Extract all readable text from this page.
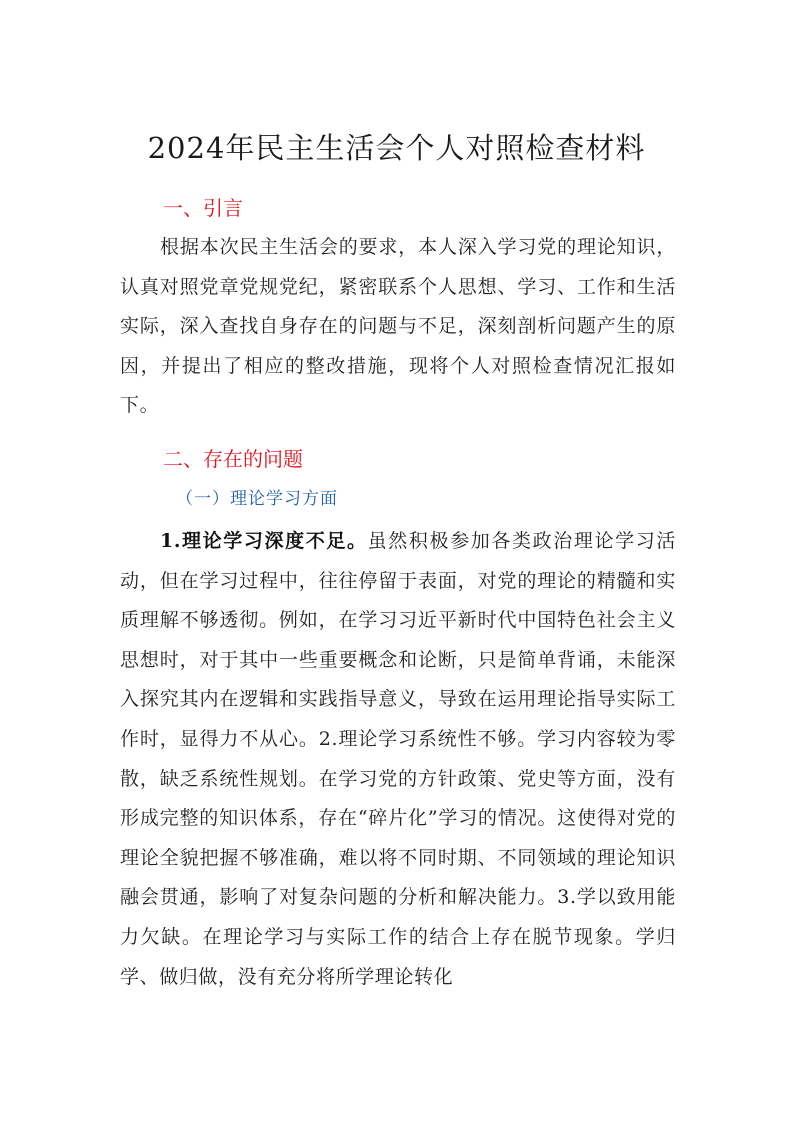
2024年民主生活会个人对照检查材料
一、引言

根据本次民主生活会的要求，本人深入学习党的理论知识，认真对照党章党规党纪，紧密联系个人思想、学习、工作和生活实际，深入查找自身存在的问题与不足，深刻剖析问题产生的原因，并提出了相应的整改措施，现将个人对照检查情况汇报如下。

二、存在的问题
（一）理论学习方面

1.理论学习深度不足。虽然积极参加各类政治理论学习活动，但在学习过程中，往往停留于表面，对党的理论的精髓和实质理解不够透彻。例如，在学习习近平新时代中国特色社会主义思想时，对于其中一些重要概念和论断，只是简单背诵，未能深入探究其内在逻辑和实践指导意义，导致在运用理论指导实际工作时，显得力不从心。2.理论学习系统性不够。学习内容较为零散，缺乏系统性规划。在学习党的方针政策、党史等方面，没有形成完整的知识体系，存在“碎片化”学习的情况。这使得对党的理论全貌把握不够准确，难以将不同时期、不同领域的理论知识融会贯通，影响了对复杂问题的分析和解决能力。3.学以致用能力欠缺。在理论学习与实际工作的结合上存在脱节现象。学归学、做归做，没有充分将所学理论转化
